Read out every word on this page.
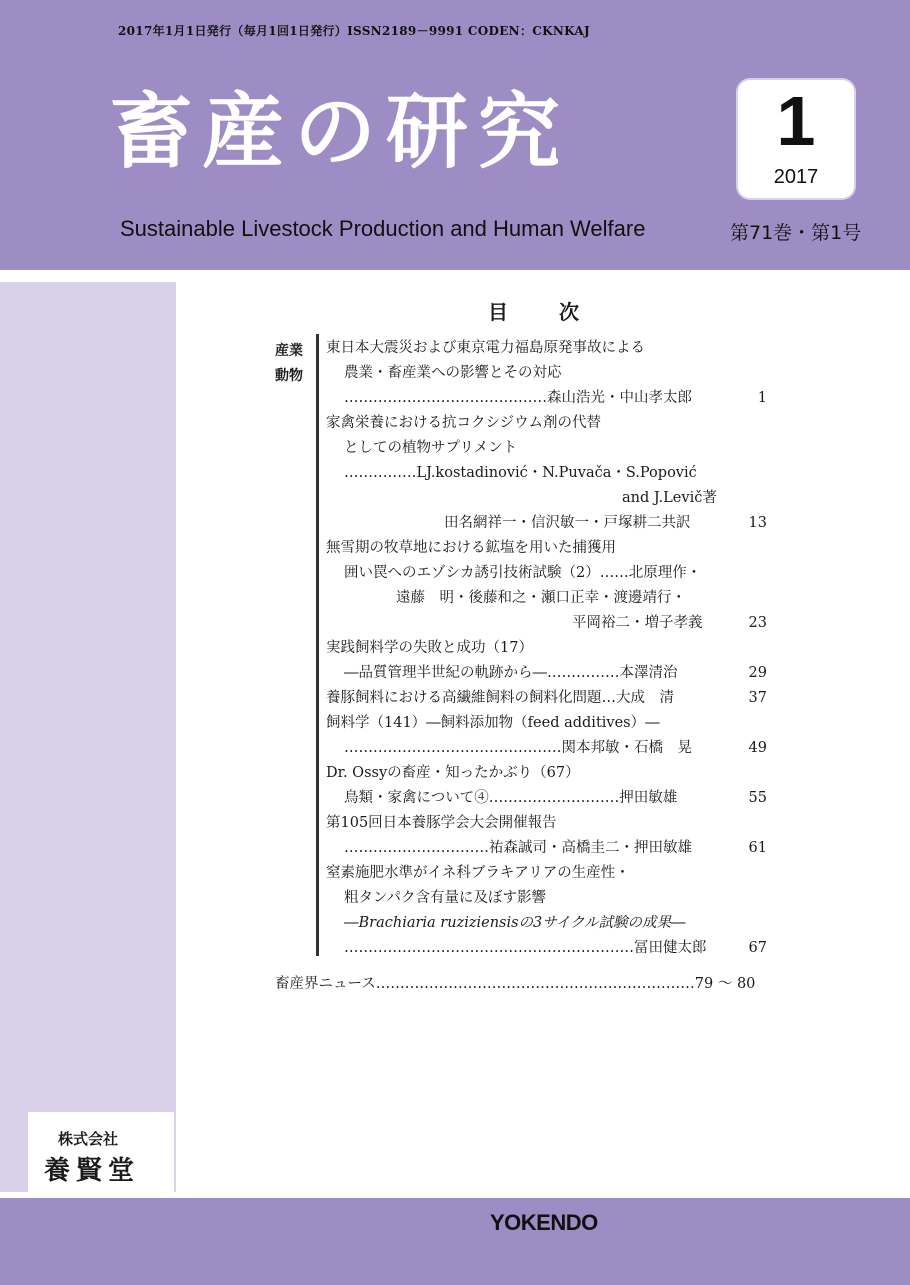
2017年1月1日発行（毎月1回1日発行）ISSN2189－9991 CODEN：CKNKAJ
畜産の研究
Sustainable Livestock Production and Human Welfare
1
2017
第71巻・第1号
株式会社
養賢堂
YOKENDO
目 次
産業
動物
東日本大震災および東京電力福島原発事故による
農業・畜産業への影響とその対応
……………………………………森山浩光・中山孝太郎	1
家禽栄養における抗コクシジウム剤の代替
としての植物サプリメント
……………LJ.kostadinović・N.Puvača・S.Popović
and J.Levič著
田名網祥一・信沢敏一・戸塚耕二共訳	13
無雪期の牧草地における鉱塩を用いた捕獲用
囲い罠へのエゾシカ誘引技術試験（2）……北原理作・
遠藤　明・後藤和之・瀬口正幸・渡邊靖行・
平岡裕二・増子孝義	23
実践飼料学の失敗と成功（17）
―品質管理半世紀の軌跡から―……………本澤清治	29
養豚飼料における高繊維飼料の飼料化問題…大成　清	37
飼料学（141）―飼料添加物（feed additives）―
………………………………………関本邦敏・石橋　晃	49
Dr. Ossyの畜産・知ったかぶり（67）
鳥類・家禽について④………………………押田敏雄	55
第105回日本養豚学会大会開催報告
…………………………祐森誠司・高橋圭二・押田敏雄	61
窒素施肥水準がイネ科ブラキアリアの生産性・
粗タンパク含有量に及ぼす影響
―Brachiaria ruziziensisの3サイクル試験の成果―
……………………………………………………冨田健太郎	67
畜産界ニュース…………………………………………………………79 ～ 80
